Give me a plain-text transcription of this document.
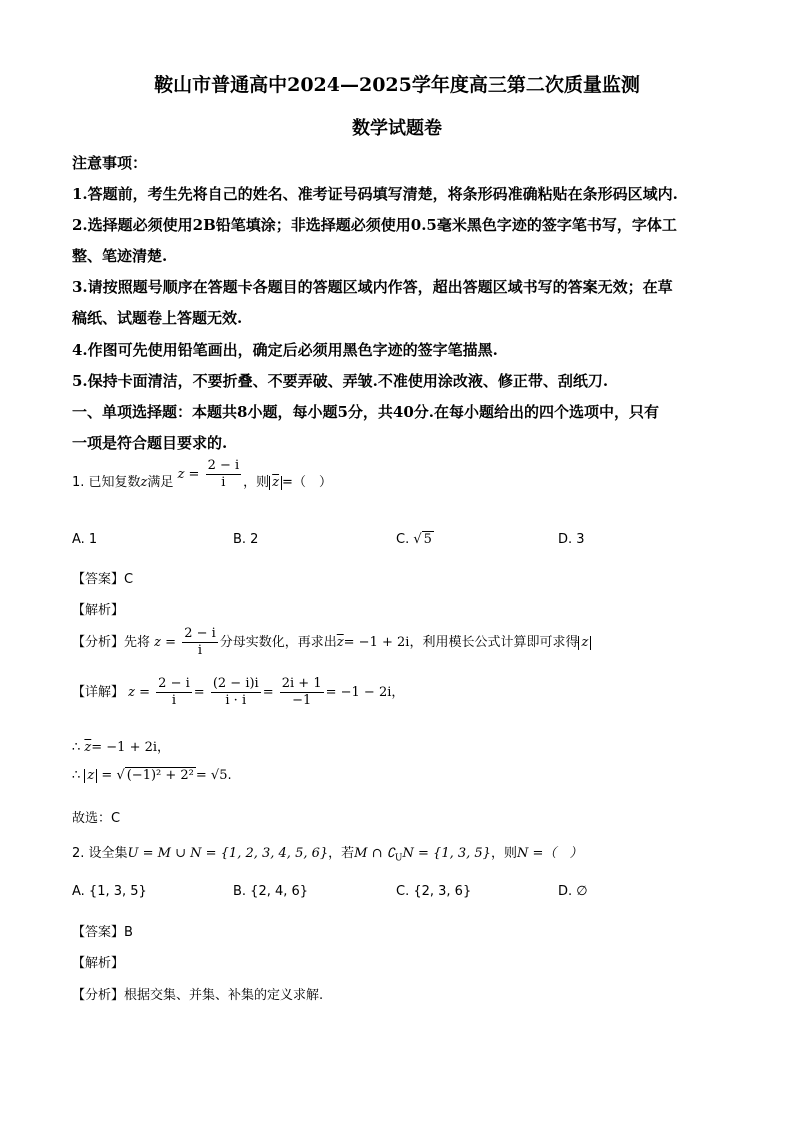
鞍山市普通高中2024—2025学年度高三第二次质量监测
数学试题卷
注意事项：
1.答题前，考生先将自己的姓名、准考证号码填写清楚，将条形码准确粘贴在条形码区域内.
2.选择题必须使用2B铅笔填涂；非选择题必须使用0.5毫米黑色字迹的签字笔书写，字体工
整、笔迹清楚.
3.请按照题号顺序在答题卡各题目的答题区域内作答，超出答题区域书写的答案无效；在草
稿纸、试题卷上答题无效.
4.作图可先使用铅笔画出，确定后必须用黑色字迹的签字笔描黑.
5.保持卡面清洁，不要折叠、不要弄破、弄皱.不准使用涂改液、修正带、刮纸刀.
一、单项选择题：本题共8小题，每小题5分，共40分.在每小题给出的四个选项中，只有
一项是符合题目要求的.
1. 已知复数z满足 $z = \frac{2 - i}{i}$ ，则 $\overline{z}$ =（　）
A. 1	B. 2	C. √ 5	D. 3
【答案】C
【解析】
【分析】先将 $z = \frac{2 - i}{i}$ 分母实数化，再求出$\overline{z}= -1 + 2i$，利用模长公式计算即可求得 z
【详解】 $z = \frac{2 - i}{i} = \frac{(2 - i)i}{i \cdot i} = \frac{2i + 1}{-1} = -1 - 2i$，
∴ $\overline{z}= -1 + 2i$，
∴ z = √ (−1)² + 2² = √5.
故选：C
2. 设全集U = M ∪ N = {1, 2, 3, 4, 5, 6}，若M ∩ $∁_UN = \{1$, 3, 5}，则N =（　）
A. {1, 3, 5}	B. {2, 4, 6}	C. {2, 3, 6}	D. ∅
【答案】B
【解析】
【分析】根据交集、并集、补集的定义求解.
